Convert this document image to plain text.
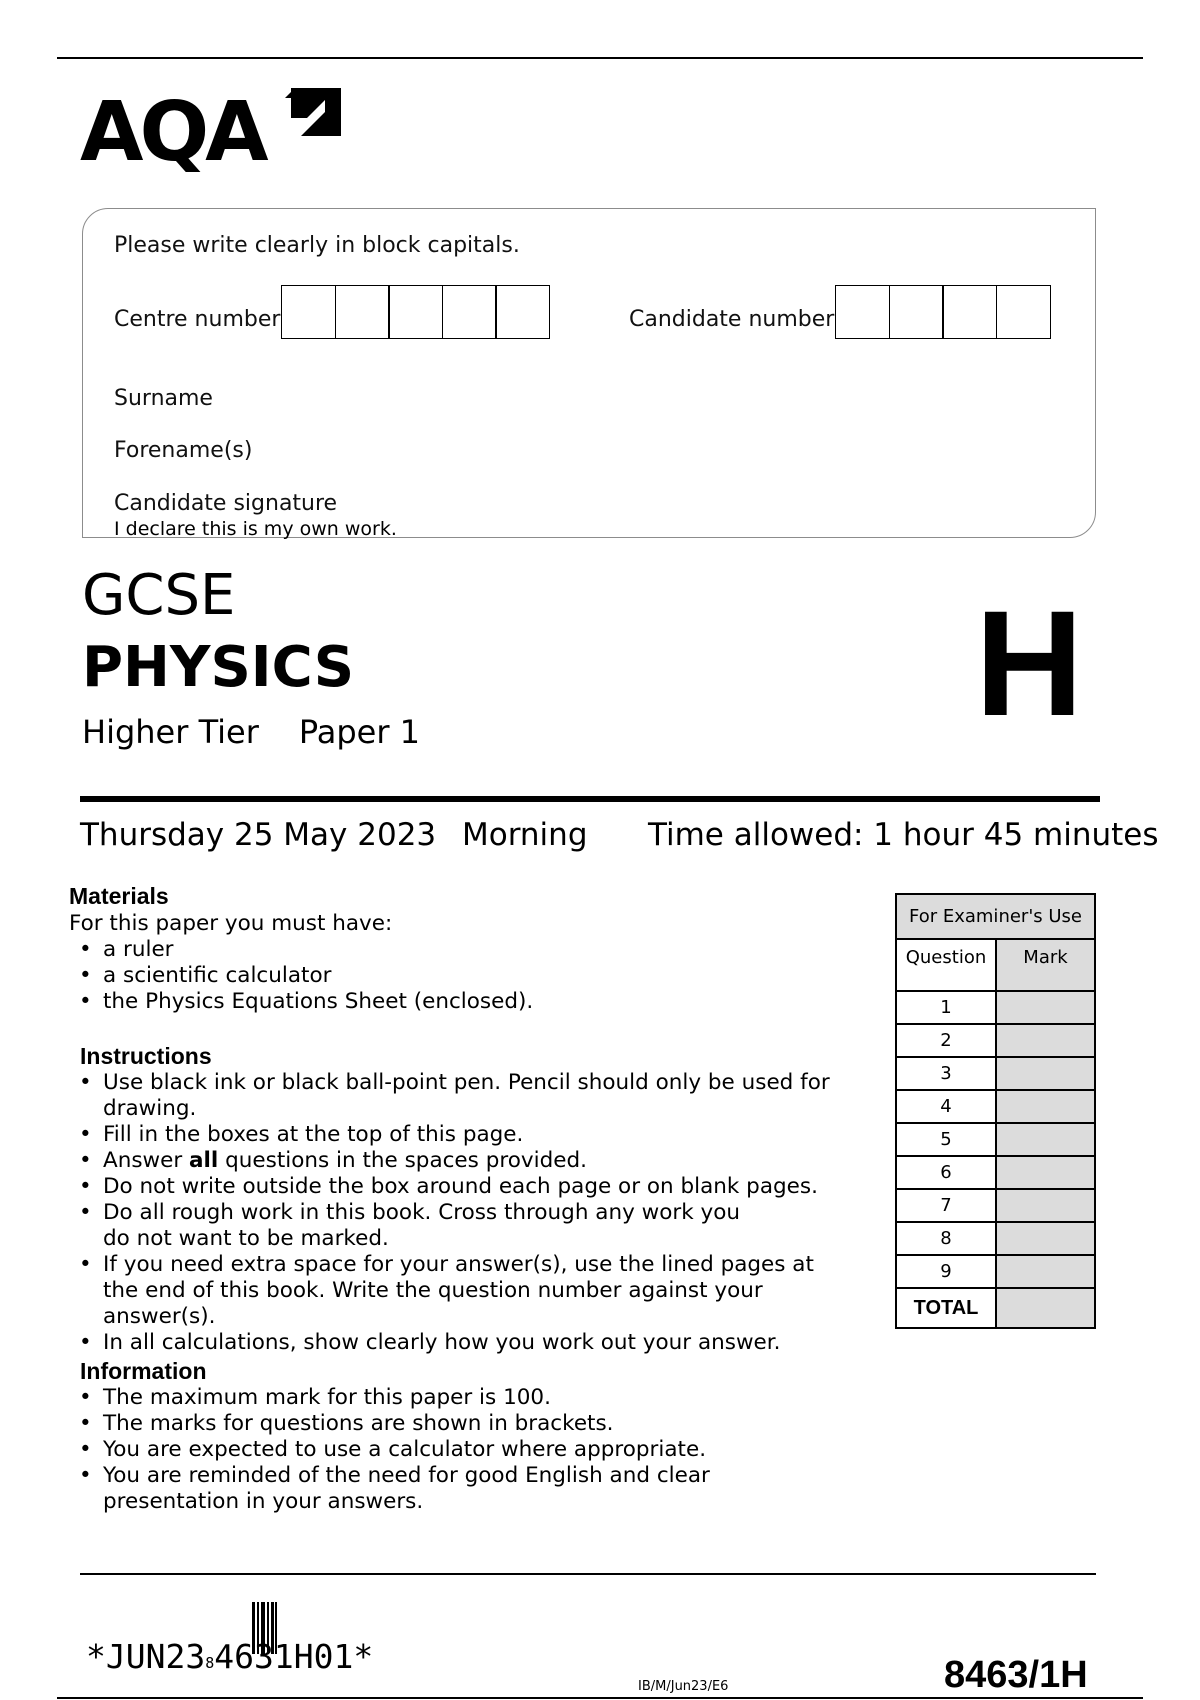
AQA
Please write clearly in block capitals.
Centre number	Candidate number
Surname
Forename(s)
Candidate signature
I declare this is my own work.
GCSE
PHYSICS
Higher Tier Paper 1	H
Thursday 25 May 2023 Morning Time allowed: 1 hour 45 minutes
Materials
For this paper you must have:
• a ruler
• a scientific calculator
• the Physics Equations Sheet (enclosed).
Instructions
• Use black ink or black ball-point pen. Pencil should only be used for drawing.
• Fill in the boxes at the top of this page.
• Answer all questions in the spaces provided.
• Do not write outside the box around each page or on blank pages.
• Do all rough work in this book. Cross through any work you do not want to be marked.
• If you need extra space for your answer(s), use the lined pages at the end of this book. Write the question number against your answer(s).
• In all calculations, show clearly how you work out your answer.
Information
• The maximum mark for this paper is 100.
• The marks for questions are shown in brackets.
• You are expected to use a calculator where appropriate.
• You are reminded of the need for good English and clear presentation in your answers.
For Examiner's Use	
Question	Mark
1	
2	
3	
4	
5	
6	
7	
8	
9	
TOTAL	
*JUN2384631H01*
IB/M/Jun23/E6	8463/1H
